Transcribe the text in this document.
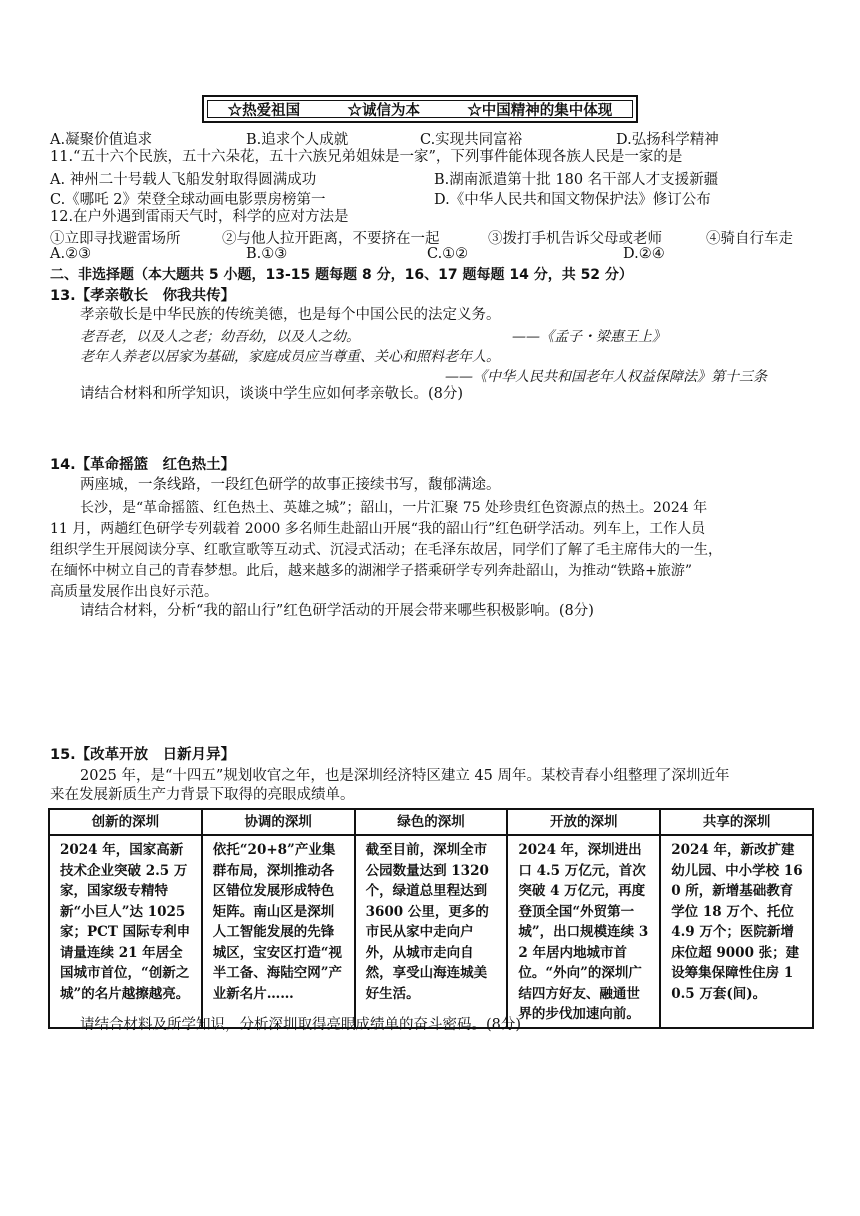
☆热爱祖国	☆诚信为本	☆中国精神的集中体现
A.凝聚价值追求	B.追求个人成就	C.实现共同富裕	D.弘扬科学精神
11.“五十六个民族，五十六朵花，五十六族兄弟姐妹是一家”，下列事件能体现各族人民是一家的是
A. 神州二十号载人飞船发射取得圆满成功	B.湖南派遣第十批 180 名干部人才支援新疆
C.《哪吒 2》荣登全球动画电影票房榜第一	D.《中华人民共和国文物保护法》修订公布
12.在户外遇到雷雨天气时，科学的应对方法是
①立即寻找避雷场所	②与他人拉开距离，不要挤在一起	③拨打手机告诉父母或老师	④骑自行车走
A.②③	B.①③	C.①②	D.②④
二、非选择题（本大题共 5 小题，13-15 题每题 8 分，16、17 题每题 14 分，共 52 分）
13.【孝亲敬长　你我共传】
孝亲敬长是中华民族的传统美德，也是每个中国公民的法定义务。
老吾老，以及人之老；幼吾幼，以及人之幼。	——《孟子・梁惠王上》
老年人养老以居家为基础，家庭成员应当尊重、关心和照料老年人。
——《中华人民共和国老年人权益保障法》第十三条
请结合材料和所学知识，谈谈中学生应如何孝亲敬长。(8分)
14.【革命摇篮　红色热土】
两座城，一条线路，一段红色研学的故事正接续书写，馥郁满途。
长沙，是“革命摇篮、红色热土、英雄之城”；韶山，一片汇聚 75 处珍贵红色资源点的热土。2024 年
11 月，两趟红色研学专列载着 2000 多名师生赴韶山开展“我的韶山行”红色研学活动。列车上，工作人员
组织学生开展阅读分享、红歌宣歌等互动式、沉浸式活动；在毛泽东故居，同学们了解了毛主席伟大的一生，
在缅怀中树立自己的青春梦想。此后，越来越多的湖湘学子搭乘研学专列奔赴韶山，为推动“铁路+旅游”
高质量发展作出良好示范。
请结合材料，分析“我的韶山行”红色研学活动的开展会带来哪些积极影响。(8分)
15.【改革开放　日新月异】
2025 年，是“十四五”规划收官之年，也是深圳经济特区建立 45 周年。某校青春小组整理了深圳近年
来在发展新质生产力背景下取得的亮眼成绩单。
创新的深圳	协调的深圳	绿色的深圳	开放的深圳	共享的深圳
2024 年，国家高新技术企业突破 2.5 万家，国家级专精特新“小巨人”达 1025 家；PCT 国际专利申请量连续 21 年居全国城市首位，“创新之城”的名片越擦越亮。	依托“20+8”产业集群布局，深圳推动各区错位发展形成特色矩阵。南山区是深圳人工智能发展的先锋城区，宝安区打造“视半工备、海陆空网”产业新名片……	截至目前，深圳全市公园数量达到 1320 个，绿道总里程达到 3600 公里，更多的市民从家中走向户外，从城市走向自然，享受山海连城美好生活。	2024 年，深圳进出口 4.5 万亿元，首次突破 4 万亿元，再度登顶全国“外贸第一城”，出口规模连续 32 年居内地城市首位。“外向”的深圳广结四方好友、融通世界的步伐加速向前。	2024 年，新改扩建幼儿园、中小学校 160 所，新增基础教育学位 18 万个、托位 4.9 万个；医院新增床位超 9000 张；建设筹集保障性住房 10.5 万套(间)。
请结合材料及所学知识，分析深圳取得亮眼成绩单的奋斗密码。(8分)
